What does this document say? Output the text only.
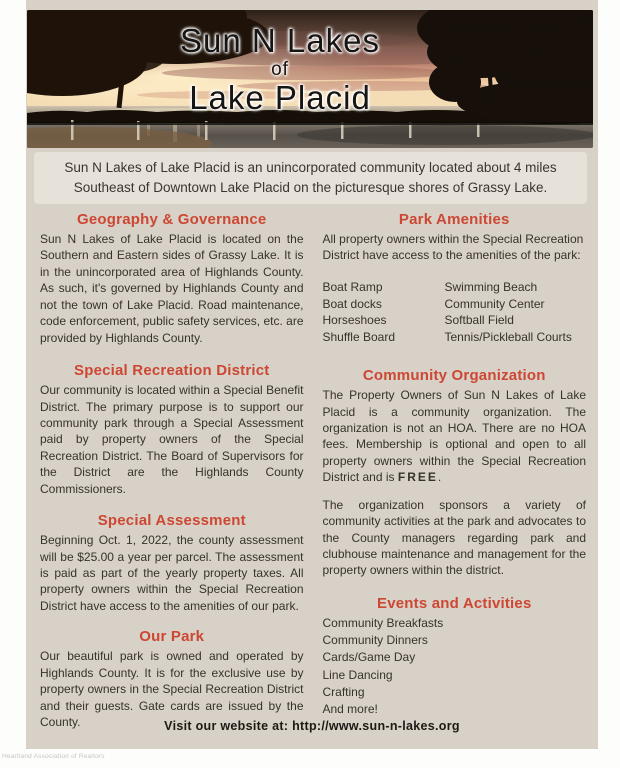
Sun N Lakes
of
Lake Placid

Sun N Lakes of Lake Placid is an unincorporated community located about 4 miles Southeast of Downtown Lake Placid on the picturesque shores of Grassy Lake.

Geography & Governance

Sun N Lakes of Lake Placid is located on the Southern and Eastern sides of Grassy Lake. It is in the unincorporated area of Highlands County. As such, it's governed by Highlands County and not the town of Lake Placid. Road maintenance, code enforcement, public safety services, etc. are provided by Highlands County.

Special Recreation District

Our community is located within a Special Benefit District. The primary purpose is to support our community park through a Special Assessment paid by property owners of the Special Recreation District. The Board of Supervisors for the District are the Highlands County Commissioners.

Special Assessment

Beginning Oct. 1, 2022, the county assessment will be $25.00 a year per parcel. The assessment is paid as part of the yearly property taxes. All property owners within the Special Recreation District have access to the amenities of our park.

Our Park

Our beautiful park is owned and operated by Highlands County. It is for the exclusive use by property owners in the Special Recreation District and their guests. Gate cards are issued by the County.

Park Amenities

All property owners within the Special Recreation District have access to the amenities of the park:

Boat Ramp	Swimming Beach
Boat docks	Community Center
Horseshoes	Softball Field
Shuffle Board	Tennis/Pickleball Courts
Community Organization

The Property Owners of Sun N Lakes of Lake Placid is a community organization. The organization is not an HOA. There are no HOA fees. Membership is optional and open to all property owners within the Special Recreation District and is FREE.

The organization sponsors a variety of community activities at the park and advocates to the County managers regarding park and clubhouse maintenance and management for the property owners within the district.

Events and Activities
Community Breakfasts
Community Dinners
Cards/Game Day
Line Dancing
Crafting
And more!
Visit our website at: http://www.sun-n-lakes.org
Heartland Association of Realtors
